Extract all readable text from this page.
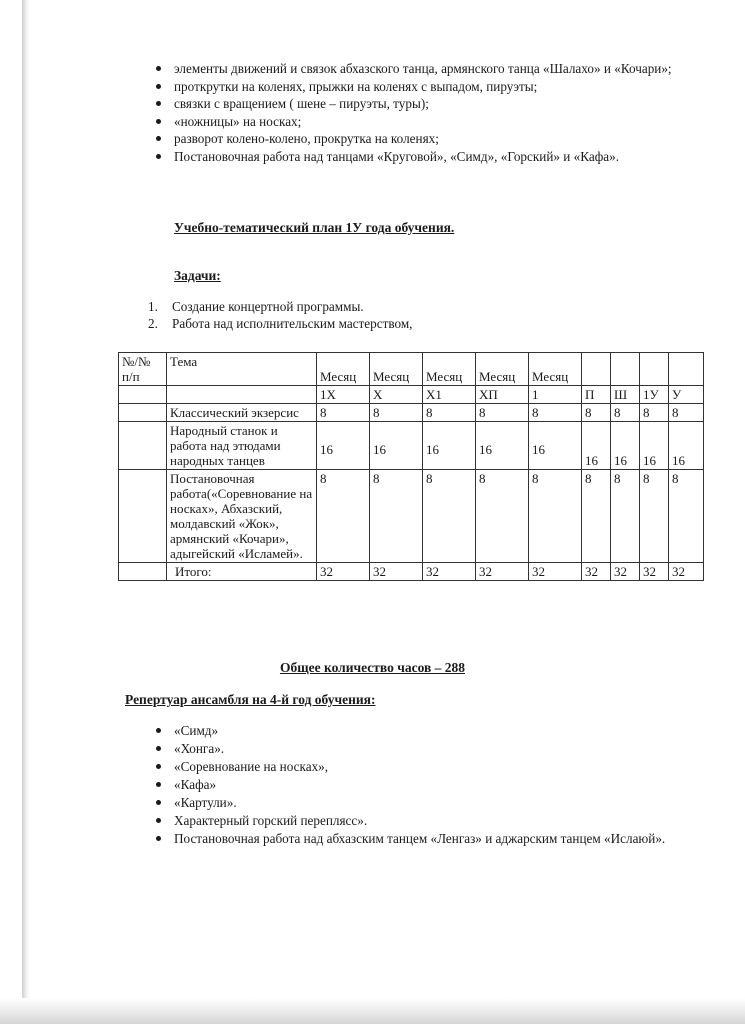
элементы движений и связок абхазского танца, армянского танца «Шалахо» и «Кочари»;
проткрутки на коленях, прыжки на коленях с выпадом, пируэты;
связки с вращением ( шене – пируэты, туры);
«ножницы» на носках;
разворот колено-колено, прокрутка на коленях;
Постановочная работа над танцами «Круговой», «Симд», «Горский» и «Кафа».
Учебно-тематический план 1У года обучения.
Задачи:
1. Создание концертной программы.
2. Работа над исполнительским мастерством,
№/№ п/п	Тема	Месяц	Месяц	Месяц	Месяц	Месяц				
		1Х	Х	Х1	ХП	1	П	Ш	1У	У
	Классический экзерсис	8	8	8	8	8	8	8	8	8
	Народный станок и работа над этюдами народных танцев	16	16	16	16	16	16	16	16	16
	Постановочная работа(«Соревнование на носках», Абхазский, молдавский «Жок», армянский «Кочари», адыгейский «Исламей».	8	8	8	8	8	8	8	8	8
	Итого:	32	32	32	32	32	32	32	32	32
Общее количество часов – 288
Репертуар ансамбля на 4-й год обучения:
«Симд»
«Хонга».
«Соревнование на носках»,
«Кафа»
«Картули».
Характерный горский переплясс».
Постановочная работа над абхазским танцем «Ленгаз» и аджарским танцем «Ислаюй».
